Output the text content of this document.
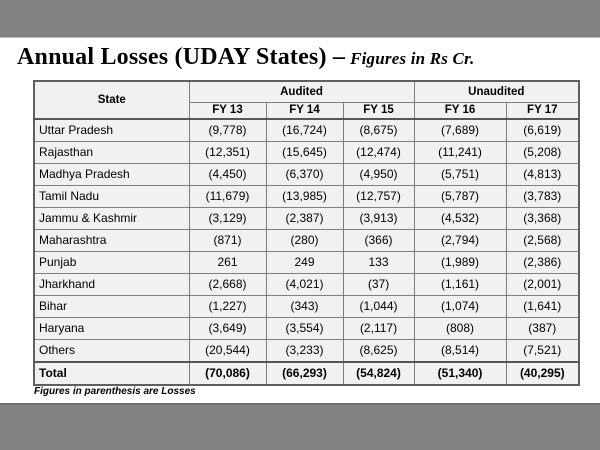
Annual Losses (UDAY States) – Figures in Rs Cr.
State	Audited			Unaudited	
	FY 13	FY 14	FY 15	FY 16	FY 17
Uttar Pradesh	(9,778)	(16,724)	(8,675)	(7,689)	(6,619)
Rajasthan	(12,351)	(15,645)	(12,474)	(11,241)	(5,208)
Madhya Pradesh	(4,450)	(6,370)	(4,950)	(5,751)	(4,813)
Tamil Nadu	(11,679)	(13,985)	(12,757)	(5,787)	(3,783)
Jammu & Kashmir	(3,129)	(2,387)	(3,913)	(4,532)	(3,368)
Maharashtra	(871)	(280)	(366)	(2,794)	(2,568)
Punjab	261	249	133	(1,989)	(2,386)
Jharkhand	(2,668)	(4,021)	(37)	(1,161)	(2,001)
Bihar	(1,227)	(343)	(1,044)	(1,074)	(1,641)
Haryana	(3,649)	(3,554)	(2,117)	(808)	(387)
Others	(20,544)	(3,233)	(8,625)	(8,514)	(7,521)
Total	(70,086)	(66,293)	(54,824)	(51,340)	(40,295)
Figures in parenthesis are Losses
